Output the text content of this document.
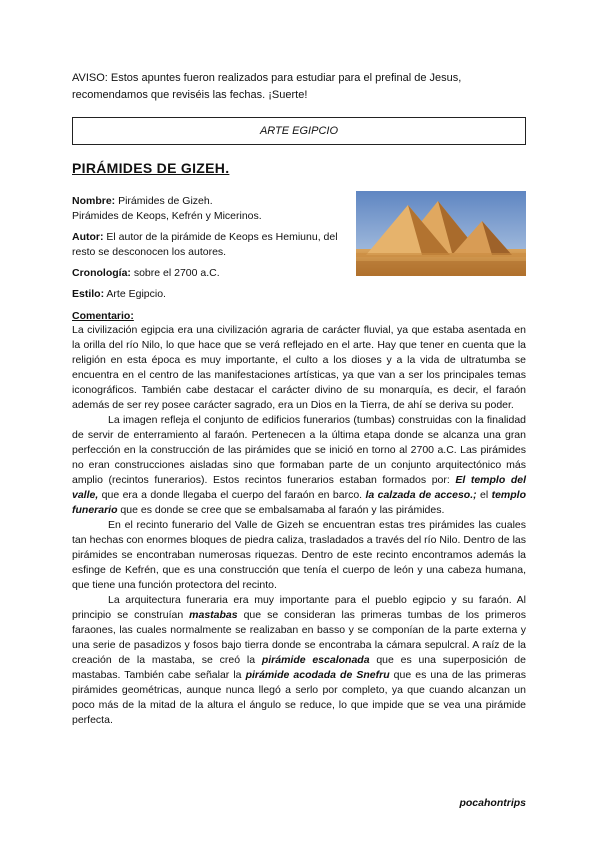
AVISO: Estos apuntes fueron realizados para estudiar para el prefinal de Jesus,
recomendamos que reviséis las fechas. ¡Suerte!
ARTE EGIPCIO
PIRÁMIDES DE GIZEH.

Nombre: Pirámides de Gizeh.
Pirámides de Keops, Kefrén y Micerinos.

Autor: El autor de la pirámide de Keops es Hemiunu, del resto se desconocen los autores.

Cronología: sobre el 2700 a.C.

Estilo: Arte Egipcio.

Comentario:

La civilización egipcia era una civilización agraria de carácter fluvial, ya que estaba asentada en la orilla del río Nilo, lo que hace que se verá reflejado en el arte. Hay que tener en cuenta que la religión en esta época es muy importante, el culto a los dioses y a la vida de ultratumba se encuentra en el centro de las manifestaciones artísticas, ya que van a ser los principales temas iconográficos. También cabe destacar el carácter divino de su monarquía, es decir, el faraón además de ser rey posee carácter sagrado, era un Dios en la Tierra, de ahí se deriva su poder.

La imagen refleja el conjunto de edificios funerarios (tumbas) construidas con la finalidad de servir de enterramiento al faraón. Pertenecen a la última etapa donde se alcanza una gran perfección en la construcción de las pirámides que se inició en torno al 2700 a.C. Las pirámides no eran construcciones aisladas sino que formaban parte de un conjunto arquitectónico más amplio (recintos funerarios). Estos recintos funerarios estaban formados por: El templo del valle, que era a donde llegaba el cuerpo del faraón en barco. la calzada de acceso.; el templo funerario que es donde se cree que se embalsamaba al faraón y las pirámides.

En el recinto funerario del Valle de Gizeh se encuentran estas tres pirámides las cuales tan hechas con enormes bloques de piedra caliza, trasladados a través del río Nilo. Dentro de las pirámides se encontraban numerosas riquezas. Dentro de este recinto encontramos además la esfinge de Kefrén, que es una construcción que tenía el cuerpo de león y una cabeza humana, que tiene una función protectora del recinto.

La arquitectura funeraria era muy importante para el pueblo egipcio y su faraón. Al principio se construían mastabas que se consideran las primeras tumbas de los primeros faraones, las cuales normalmente se realizaban en basso y se componían de la parte externa y una serie de pasadizos y fosos bajo tierra donde se encontraba la cámara sepulcral. A raíz de la creación de la mastaba, se creó la pirámide escalonada que es una superposición de mastabas. También cabe señalar la pirámide acodada de Snefru que es una de las primeras pirámides geométricas, aunque nunca llegó a serlo por completo, ya que cuando alcanzan un poco más de la mitad de la altura el ángulo se reduce, lo que impide que se vea una pirámide perfecta.

pocahontrips
